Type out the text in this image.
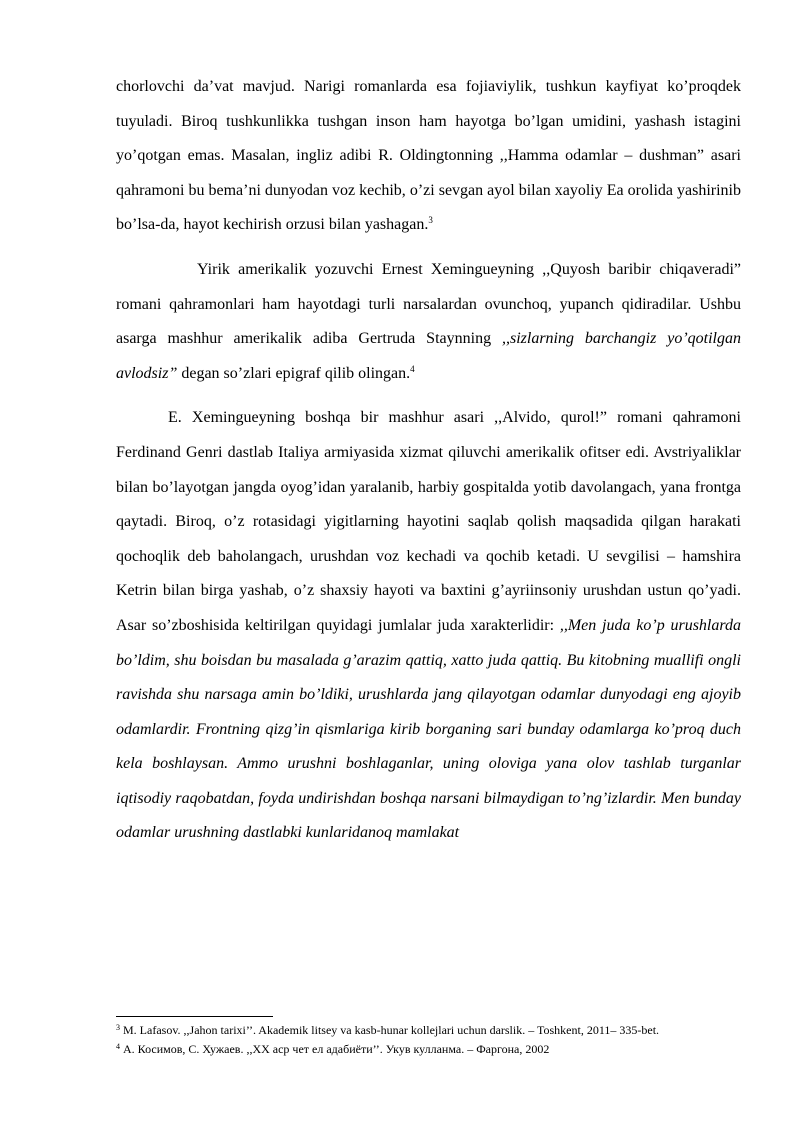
chorlovchi da’vat mavjud. Narigi romanlarda esa fojiaviylik, tushkun kayfiyat ko’proqdek tuyuladi. Biroq tushkunlikka tushgan inson ham hayotga bo’lgan umidini, yashash istagini yo’qotgan emas. Masalan, ingliz adibi R. Oldingtonning ,,Hamma odamlar – dushman” asari qahramoni bu bema’ni dunyodan voz kechib, o’zi sevgan ayol bilan xayoliy Ea orolida yashirinib bo’lsa-da, hayot kechirish orzusi bilan yashagan.$^3$

Yirik amerikalik yozuvchi Ernest Xemingueyning ,,Quyosh baribir chiqaveradi” romani qahramonlari ham hayotdagi turli narsalardan ovunchoq, yupanch qidiradilar. Ushbu asarga mashhur amerikalik adiba Gertruda Staynning ,,sizlarning barchangiz yo’qotilgan avlodsiz” degan so’zlari epigraf qilib olingan.$^4$

E. Xemingueyning boshqa bir mashhur asari ,,Alvido, qurol!” romani qahramoni Ferdinand Genri dastlab Italiya armiyasida xizmat qiluvchi amerikalik ofitser edi. Avstriyaliklar bilan bo’layotgan jangda oyog’idan yaralanib, harbiy gospitalda yotib davolangach, yana frontga qaytadi. Biroq, o’z rotasidagi yigitlarning hayotini saqlab qolish maqsadida qilgan harakati qochoqlik deb baholangach, urushdan voz kechadi va qochib ketadi. U sevgilisi – hamshira Ketrin bilan birga yashab, o’z shaxsiy hayoti va baxtini g’ayriinsoniy urushdan ustun qo’yadi. Asar so’zboshisida keltirilgan quyidagi jumlalar juda xarakterlidir: ,,Men juda ko’p urushlarda bo’ldim, shu boisdan bu masalada g’arazim qattiq, xatto juda qattiq. Bu kitobning muallifi ongli ravishda shu narsaga amin bo’ldiki, urushlarda jang qilayotgan odamlar dunyodagi eng ajoyib odamlardir. Frontning qizg’in qismlariga kirib borganing sari bunday odamlarga ko’proq duch kela boshlaysan. Ammo urushni boshlaganlar, uning oloviga yana olov tashlab turganlar iqtisodiy raqobatdan, foyda undirishdan boshqa narsani bilmaydigan to’ng’izlardir. Men bunday odamlar urushning dastlabki kunlaridanoq mamlakat

$^3$ M. Lafasov. ,,Jahon tarixi’’. Akademik litsey va kasb-hunar kollejlari uchun darslik. – Toshkent, 2011– 335-bet.
$^4$ А. Косимов, С. Хужаев. ,,XX аср чет ел адабиёти’’. Укув кулланма. – Фаргона, 2002
